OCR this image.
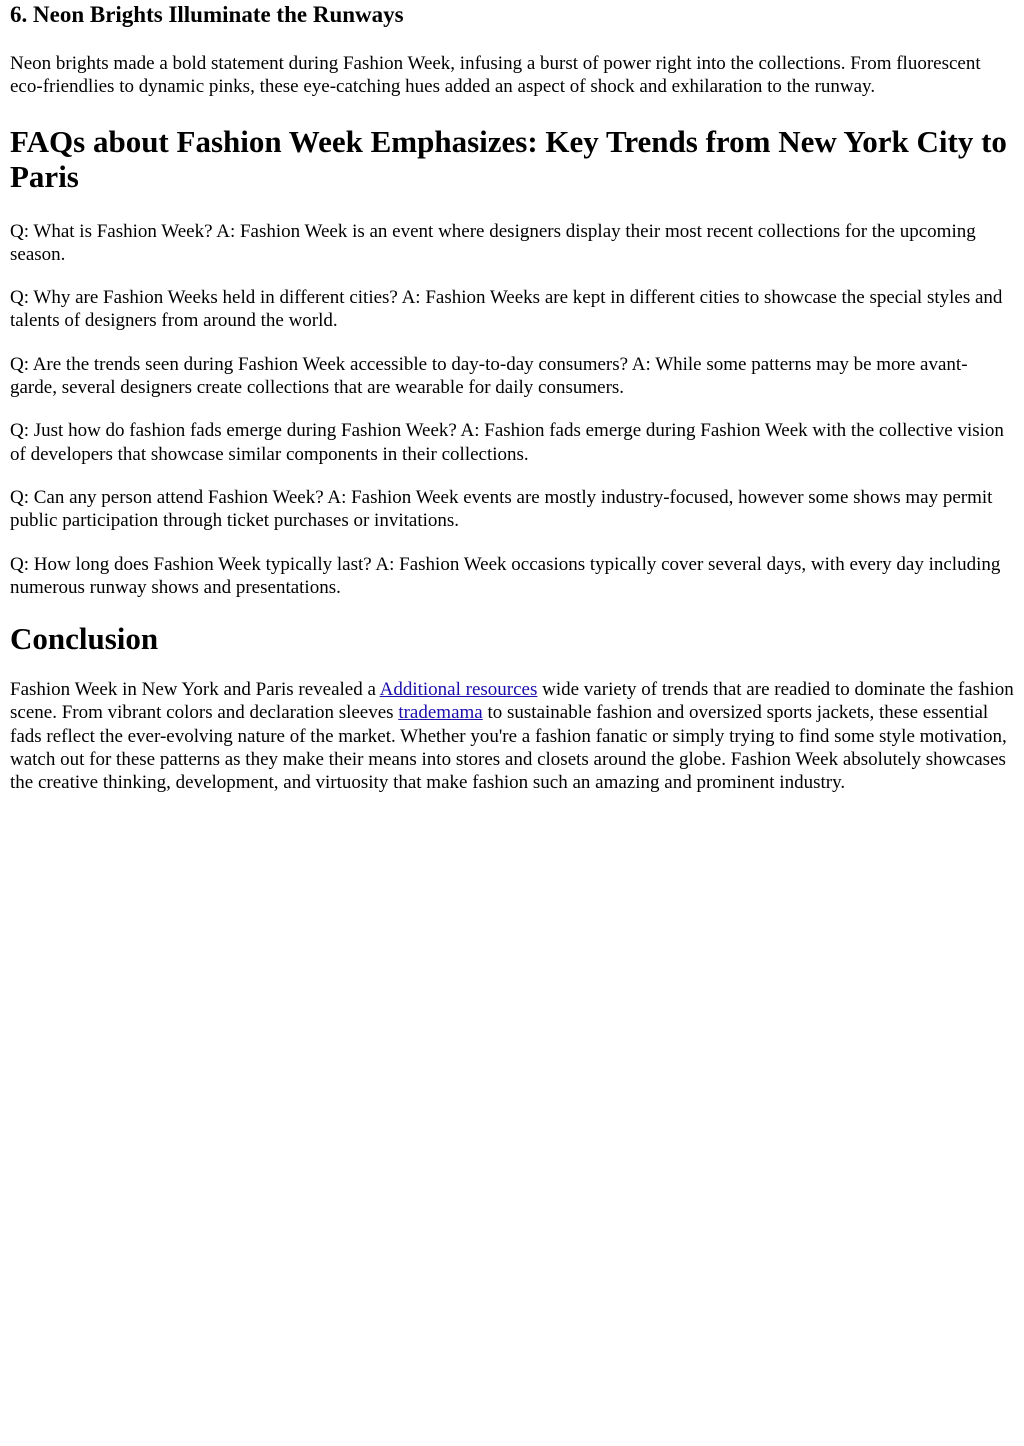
6. Neon Brights Illuminate the Runways

Neon brights made a bold statement during Fashion Week, infusing a burst of power right into the collections. From fluorescent eco-friendlies to dynamic pinks, these eye-catching hues added an aspect of shock and exhilaration to the runway.

FAQs about Fashion Week Emphasizes: Key Trends from New York City to Paris

Q: What is Fashion Week? A: Fashion Week is an event where designers display their most recent collections for the upcoming season.

Q: Why are Fashion Weeks held in different cities? A: Fashion Weeks are kept in different cities to showcase the special styles and talents of designers from around the world.

Q: Are the trends seen during Fashion Week accessible to day-to-day consumers? A: While some patterns may be more avant-garde, several designers create collections that are wearable for daily consumers.

Q: Just how do fashion fads emerge during Fashion Week? A: Fashion fads emerge during Fashion Week with the collective vision of developers that showcase similar components in their collections.

Q: Can any person attend Fashion Week? A: Fashion Week events are mostly industry-focused, however some shows may permit public participation through ticket purchases or invitations.

Q: How long does Fashion Week typically last? A: Fashion Week occasions typically cover several days, with every day including numerous runway shows and presentations.

Conclusion

Fashion Week in New York and Paris revealed a Additional resources wide variety of trends that are readied to dominate the fashion scene. From vibrant colors and declaration sleeves trademama to sustainable fashion and oversized sports jackets, these essential fads reflect the ever-evolving nature of the market. Whether you're a fashion fanatic or simply trying to find some style motivation, watch out for these patterns as they make their means into stores and closets around the globe. Fashion Week absolutely showcases the creative thinking, development, and virtuosity that make fashion such an amazing and prominent industry.
